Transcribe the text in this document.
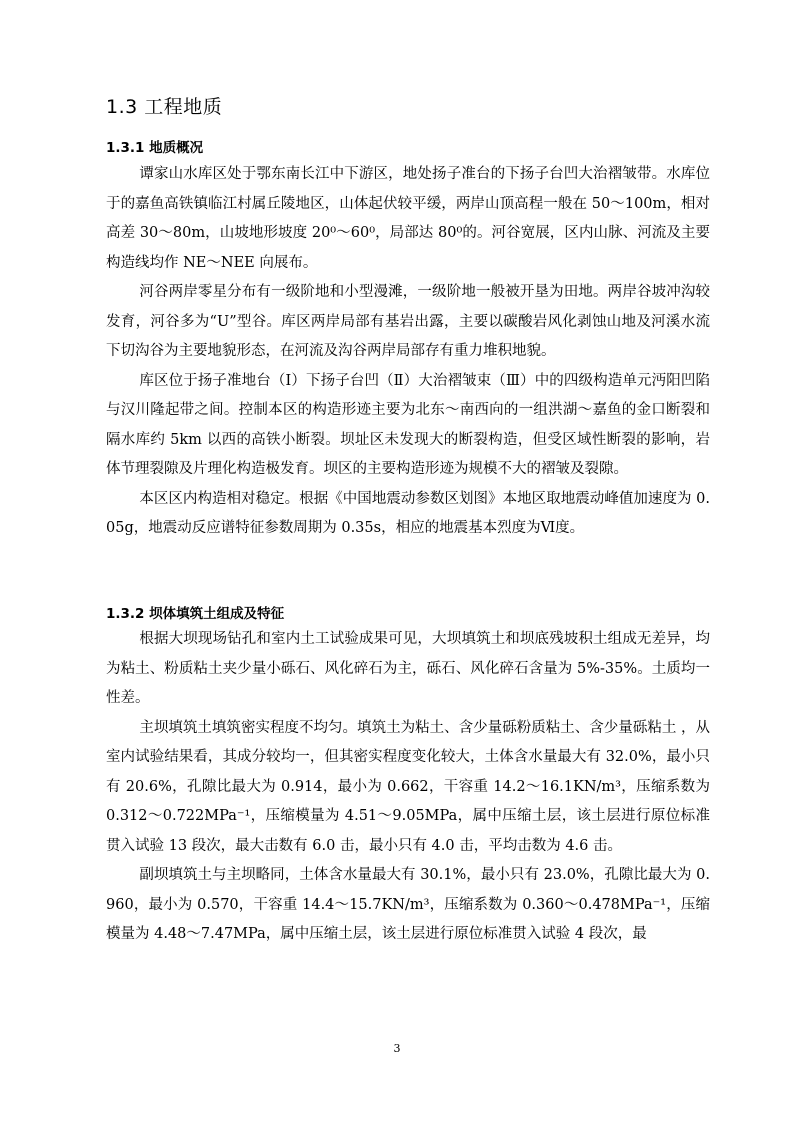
1.3 工程地质
1.3.1 地质概况

谭家山水库区处于鄂东南长江中下游区，地处扬子准台的下扬子台凹大治褶皱带。水库位于的嘉鱼高铁镇临江村属丘陵地区，山体起伏较平缓，两岸山顶高程一般在 50～100m，相对高差 30～80m，山坡地形坡度 20⁰～60⁰，局部达 80⁰的。河谷宽展，区内山脉、河流及主要构造线均作 NE～NEE 向展布。

河谷两岸零星分布有一级阶地和小型漫滩，一级阶地一般被开垦为田地。两岸谷坡冲沟较发育，河谷多为“U”型谷。库区两岸局部有基岩出露，主要以碳酸岩风化剥蚀山地及河溪水流下切沟谷为主要地貌形态，在河流及沟谷两岸局部存有重力堆积地貌。

库区位于扬子准地台（Ⅰ）下扬子台凹（Ⅱ）大治褶皱束（Ⅲ）中的四级构造单元沔阳凹陷与汉川隆起带之间。控制本区的构造形迹主要为北东～南西向的一组洪湖～嘉鱼的金口断裂和隔水库约 5km 以西的高铁小断裂。坝址区未发现大的断裂构造，但受区域性断裂的影响，岩体节理裂隙及片理化构造极发育。坝区的主要构造形迹为规模不大的褶皱及裂隙。

本区区内构造相对稳定。根据《中国地震动参数区划图》本地区取地震动峰值加速度为 0.05g，地震动反应谱特征参数周期为 0.35s，相应的地震基本烈度为Ⅵ度。

1.3.2 坝体填筑土组成及特征

根据大坝现场钻孔和室内土工试验成果可见，大坝填筑土和坝底残坡积土组成无差异，均为粘土、粉质粘土夹少量小砾石、风化碎石为主，砾石、风化碎石含量为 5%-35%。土质均一性差。

主坝填筑土填筑密实程度不均匀。填筑土为粘土、含少量砾粉质粘土、含少量砾粘土 ，从室内试验结果看，其成分较均一，但其密实程度变化较大，土体含水量最大有 32.0%，最小只有 20.6%，孔隙比最大为 0.914，最小为 0.662，干容重 14.2～16.1KN/m³，压缩系数为 0.312～0.722MPa⁻¹，压缩模量为 4.51～9.05MPa，属中压缩土层，该土层进行原位标准贯入试验 13 段次，最大击数有 6.0 击，最小只有 4.0 击，平均击数为 4.6 击。

副坝填筑土与主坝略同，土体含水量最大有 30.1%，最小只有 23.0%，孔隙比最大为 0.960，最小为 0.570，干容重 14.4～15.7KN/m³，压缩系数为 0.360～0.478MPa⁻¹，压缩模量为 4.48～7.47MPa，属中压缩土层，该土层进行原位标准贯入试验 4 段次，最

3
